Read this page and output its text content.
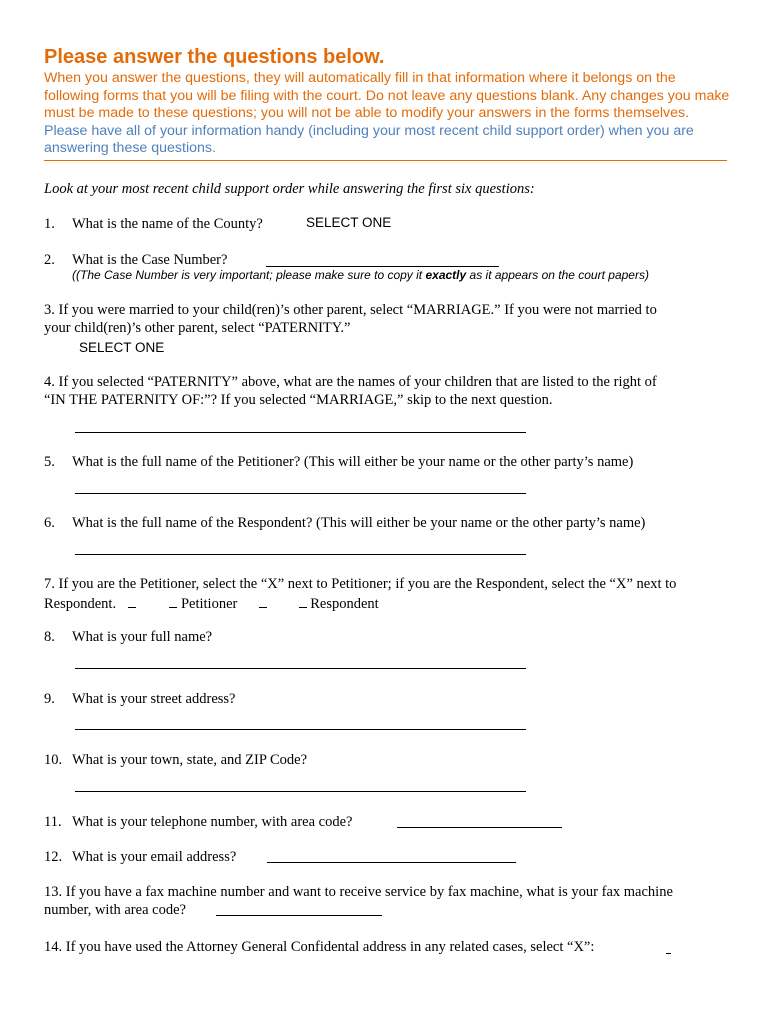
Please answer the questions below.
When you answer the questions, they will automatically fill in that information where it belongs on the following forms that you will be filing with the court. Do not leave any questions blank. Any changes you make must be made to these questions; you will not be able to modify your answers in the forms themselves. Please have all of your information handy (including your most recent child support order) when you are answering these questions.
Look at your most recent child support order while answering the first six questions:
1. What is the name of the County?	SELECT ONE
2. What is the Case Number?
((The Case Number is very important; please make sure to copy it exactly as it appears on the court papers)
3. If you were married to your child(ren)’s other parent, select “MARRIAGE.” If you were not married to
your child(ren)’s other parent, select “PATERNITY.”
SELECT ONE
4. If you selected “PATERNITY” above, what are the names of your children that are listed to the right of
“IN THE PATERNITY OF:”? If you selected “MARRIAGE,” skip to the next question.
5. What is the full name of the Petitioner? (This will either be your name or the other party’s name)
6. What is the full name of the Respondent? (This will either be your name or the other party’s name)
7. If you are the Petitioner, select the “X” next to Petitioner; if you are the Respondent, select the “X” next to
Respondent.	Petitioner	Respondent
8. What is your full name?
9. What is your street address?
10. What is your town, state, and ZIP Code?
11. What is your telephone number, with area code?
12. What is your email address?
13. If you have a fax machine number and want to receive service by fax machine, what is your fax machine
number, with area code?
14. If you have used the Attorney General Confidental address in any related cases, select “X”:
